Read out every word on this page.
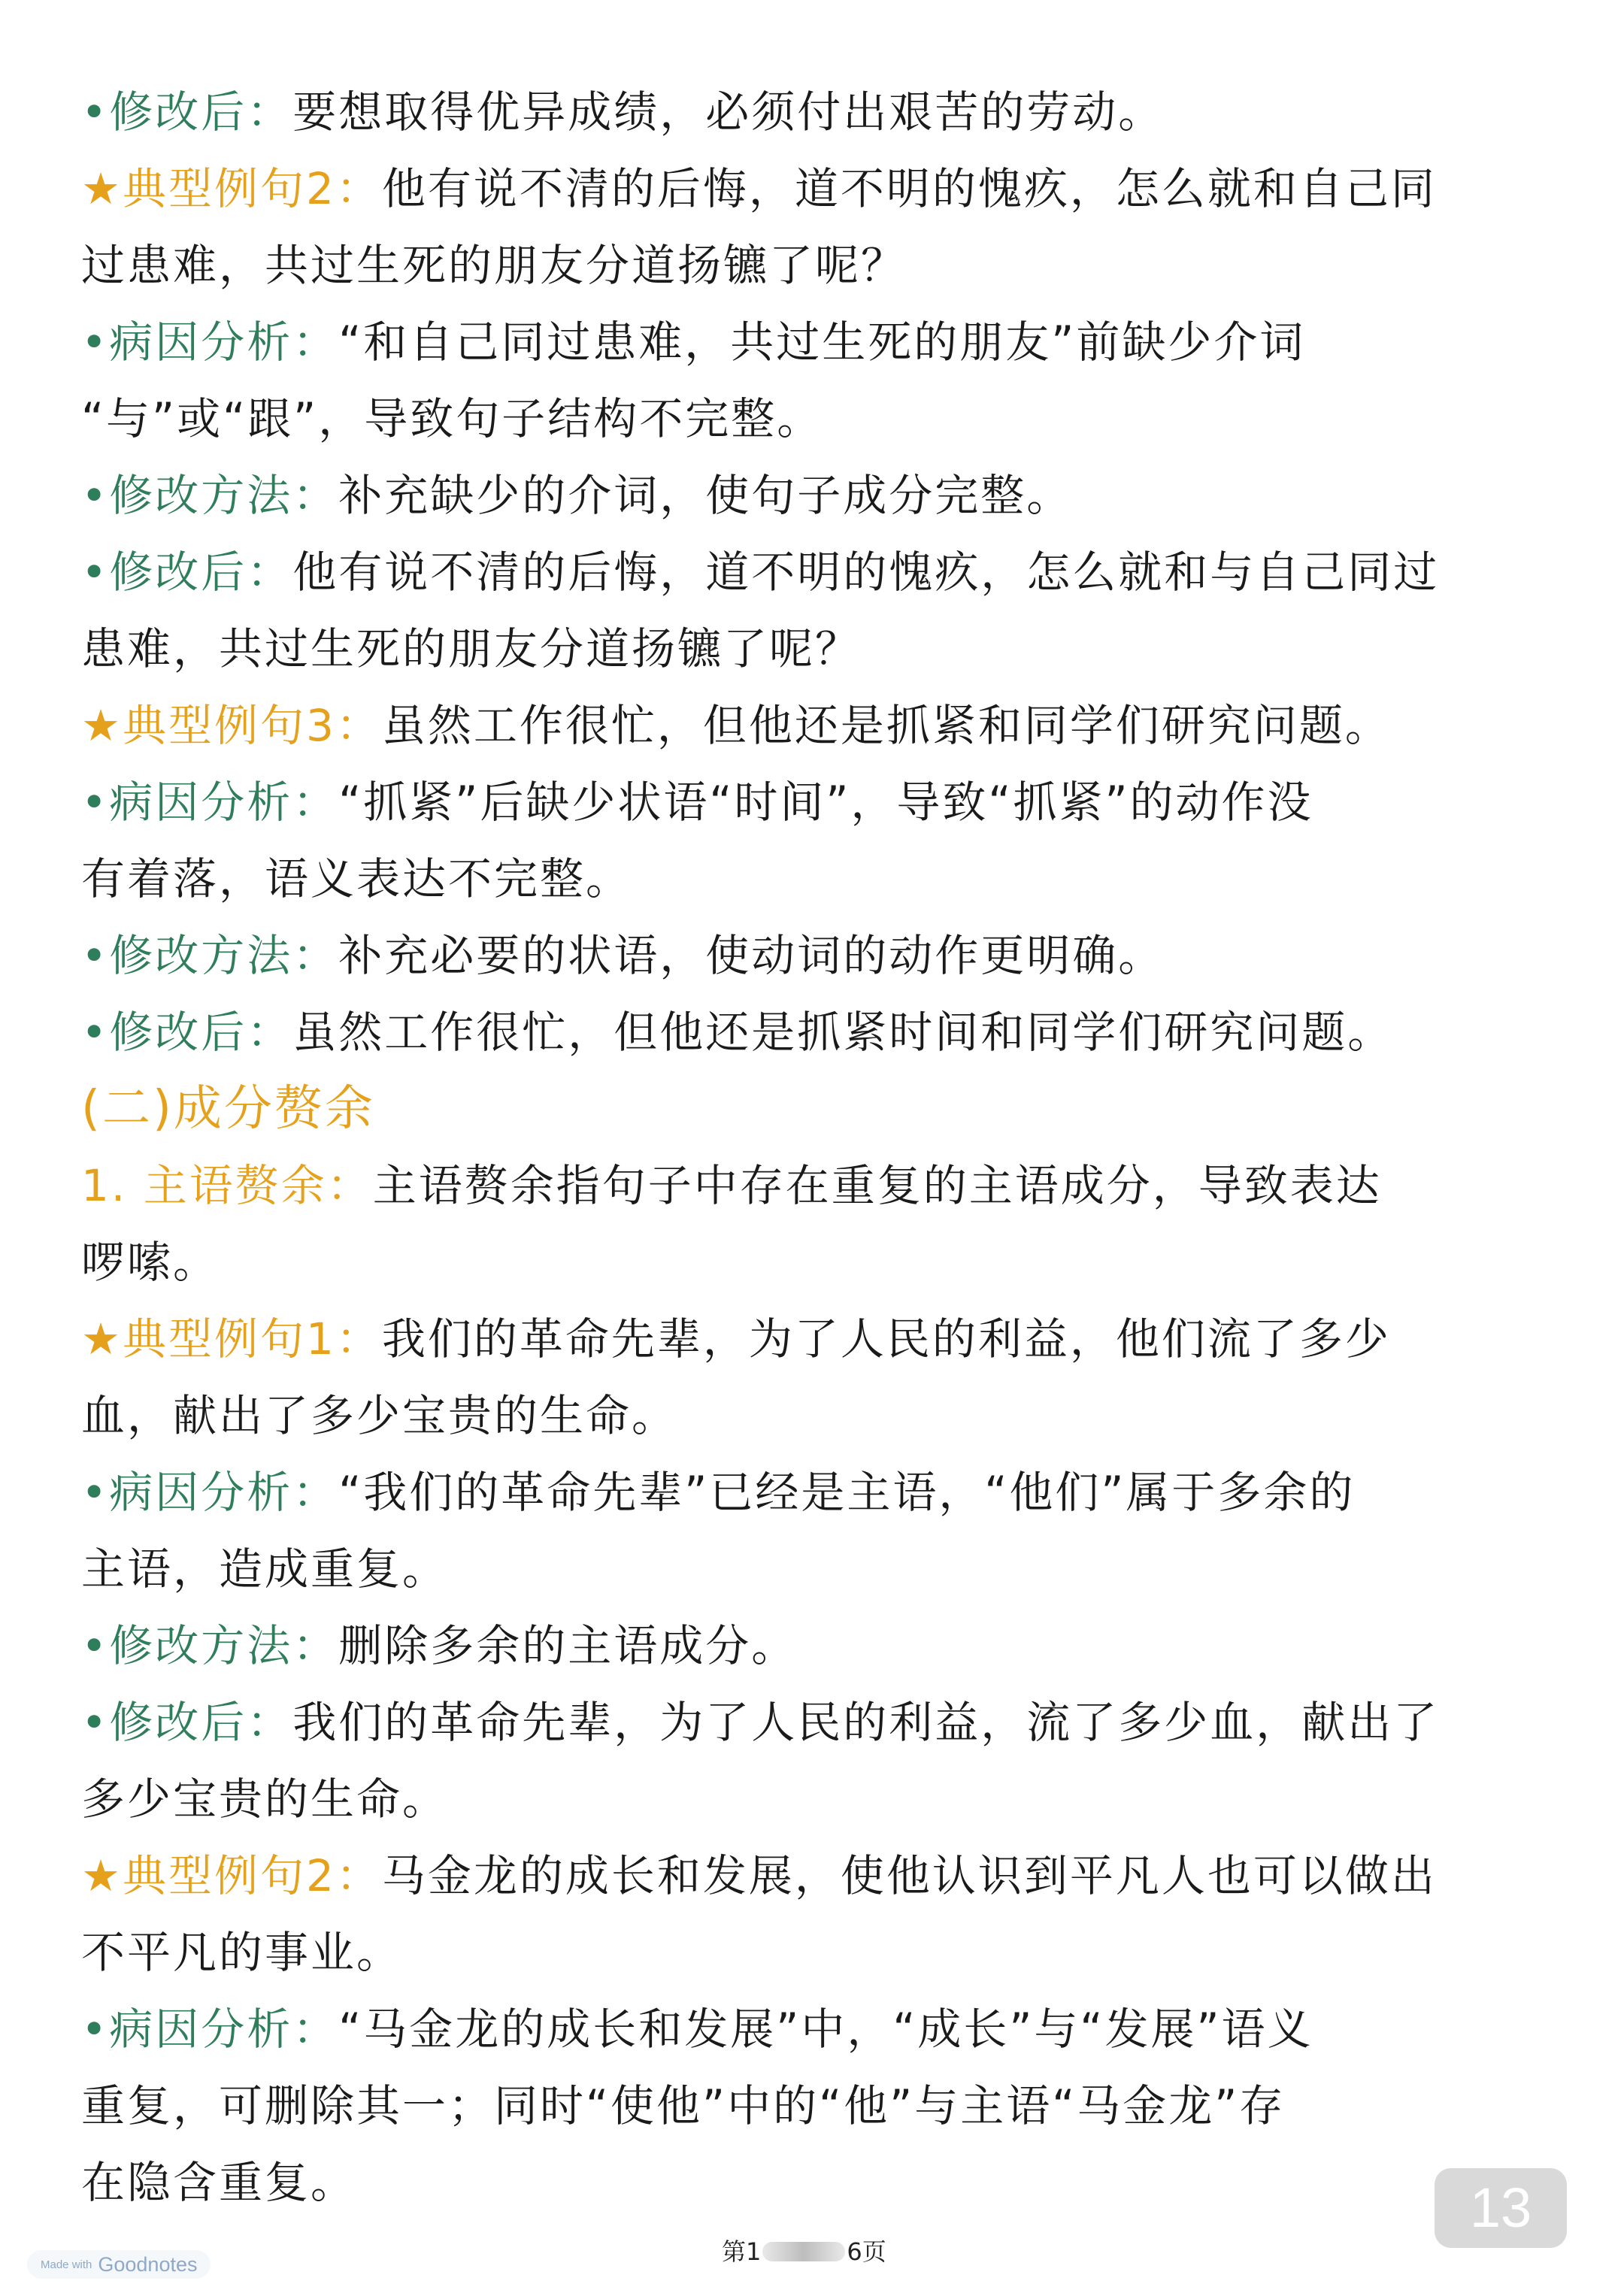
•修改后：要想取得优异成绩，必须付出艰苦的劳动。
★典型例句2：他有说不清的后悔，道不明的愧疚，怎么就和自己同
过患难，共过生死的朋友分道扬镳了呢？
•病因分析：“和自己同过患难，共过生死的朋友”前缺少介词
“与”或“跟”，导致句子结构不完整。
•修改方法：补充缺少的介词，使句子成分完整。
•修改后：他有说不清的后悔，道不明的愧疚，怎么就和与自己同过
患难，共过生死的朋友分道扬镳了呢？
★典型例句3：虽然工作很忙，但他还是抓紧和同学们研究问题。
•病因分析：“抓紧”后缺少状语“时间”，导致“抓紧”的动作没
有着落，语义表达不完整。
•修改方法：补充必要的状语，使动词的动作更明确。
•修改后：虽然工作很忙，但他还是抓紧时间和同学们研究问题。
(二)成分赘余
1. 主语赘余：主语赘余指句子中存在重复的主语成分，导致表达
啰嗦。
★典型例句1：我们的革命先辈，为了人民的利益，他们流了多少
血，献出了多少宝贵的生命。
•病因分析：“我们的革命先辈”已经是主语，“他们”属于多余的
主语，造成重复。
•修改方法：删除多余的主语成分。
•修改后：我们的革命先辈，为了人民的利益，流了多少血，献出了
多少宝贵的生命。
★典型例句2：马金龙的成长和发展，使他认识到平凡人也可以做出
不平凡的事业。
•病因分析：“马金龙的成长和发展”中，“成长”与“发展”语义
重复，可删除其一；同时“使他”中的“他”与主语“马金龙”存
在隐含重复。	13
第1	6页
Made with Goodnotes
